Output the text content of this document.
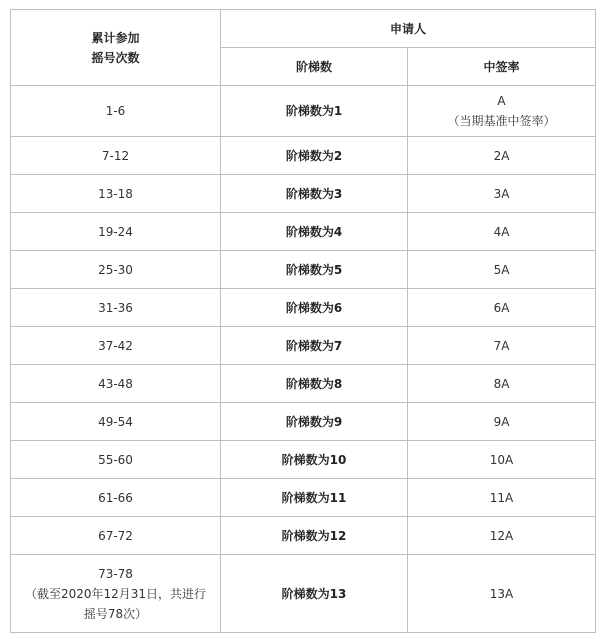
累计参加
摇号次数	申请人	
	阶梯数	中签率
1-6	阶梯数为1	A
（当期基准中签率）

7-12	阶梯数为2	2A
13-18	阶梯数为3	3A
19-24	阶梯数为4	4A
25-30	阶梯数为5	5A
31-36	阶梯数为6	6A
37-42	阶梯数为7	7A
43-48	阶梯数为8	8A
49-54	阶梯数为9	9A
55-60	阶梯数为10	10A
61-66	阶梯数为11	11A
67-72	阶梯数为12	12A

73-78
（截至2020年12月31日，共进行
摇号78次）	阶梯数为13	13A
